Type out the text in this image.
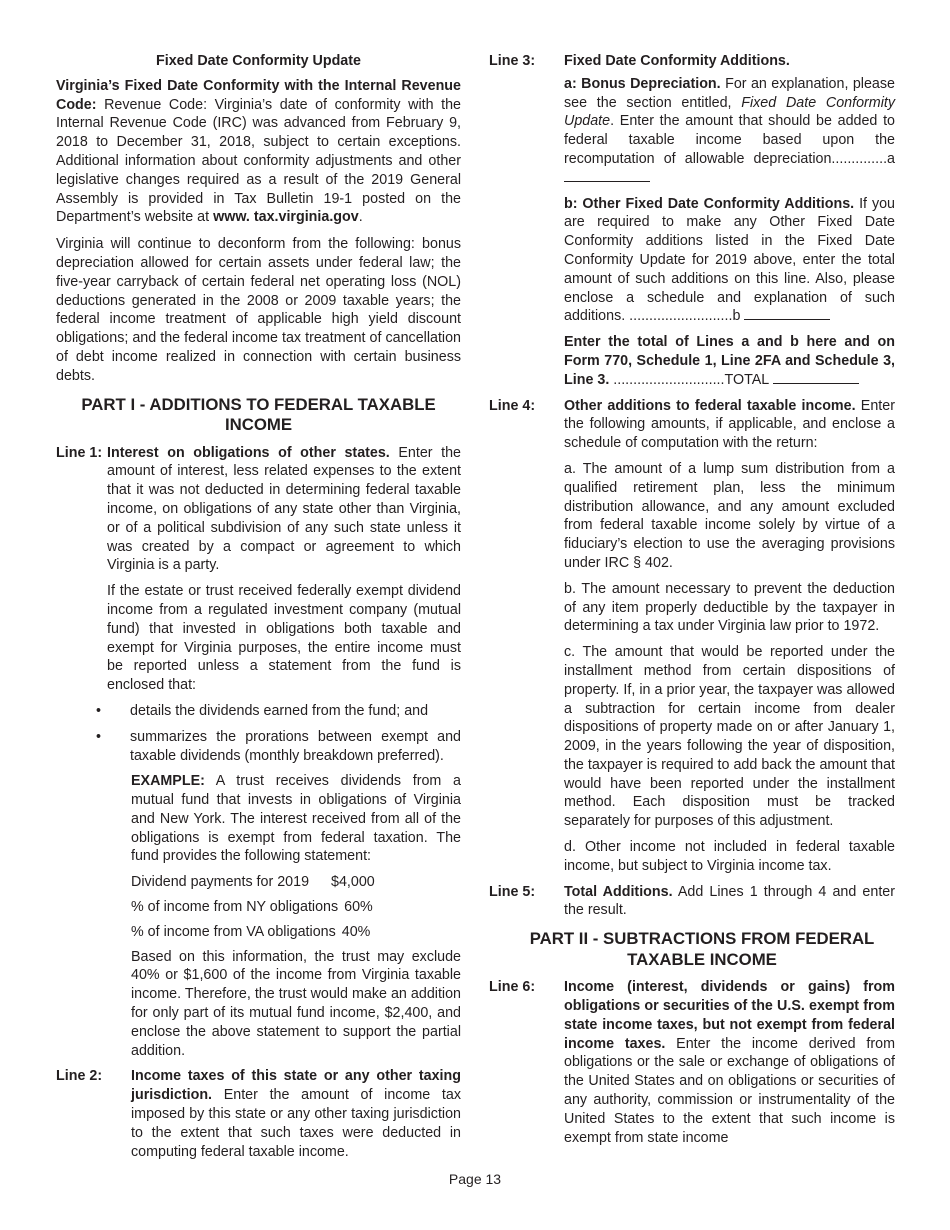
Fixed Date Conformity Update

Virginia’s Fixed Date Conformity with the Internal Revenue Code: Revenue Code: Virginia’s date of conformity with the Internal Revenue Code (IRC) was advanced from February 9, 2018 to December 31, 2018, subject to certain exceptions. Additional information about conformity adjustments and other legislative changes required as a result of the 2019 General Assembly is provided in Tax Bulletin 19-1 posted on the Department’s website at www. tax.virginia.gov.

Virginia will continue to deconform from the following: bonus depreciation allowed for certain assets under federal law; the five-year carryback of certain federal net operating loss (NOL) deductions generated in the 2008 or 2009 taxable years; the federal income treatment of applicable high yield discount obligations; and the federal income tax treatment of cancellation of debt income realized in connection with certain business debts.

PART I - ADDITIONS TO FEDERAL TAXABLE INCOME

Line 1: Interest on obligations of other states. Enter the amount of interest, less related expenses to the extent that it was not deducted in determining federal taxable income, on obligations of any state other than Virginia, or of a political subdivision of any such state unless it was created by a compact or agreement to which Virginia is a party.

If the estate or trust received federally exempt dividend income from a regulated investment company (mutual fund) that invested in obligations both taxable and exempt for Virginia purposes, the entire income must be reported unless a statement from the fund is enclosed that:

•	details the dividends earned from the fund; and

•	summarizes the prorations between exempt and taxable dividends (monthly breakdown preferred).

EXAMPLE: A trust receives dividends from a mutual fund that invests in obligations of Virginia and New York. The interest received from all of the obligations is exempt from federal taxation. The fund provides the following statement:

Dividend payments for 2019 $4,000

% of income from NY obligations 60%

% of income from VA obligations 40%

Based on this information, the trust may exclude 40% or $1,600 of the income from Virginia taxable income. Therefore, the trust would make an addition for only part of its mutual fund income, $2,400, and enclose the above statement to support the partial addition.

Line 2:	Income taxes of this state or any other taxing jurisdiction. Enter the amount of income tax imposed by this state or any other taxing jurisdiction to the extent that such taxes were deducted in computing federal taxable income.

Line 3:	Fixed Date Conformity Additions.

a: Bonus Depreciation. For an explanation, please see the section entitled, Fixed Date Conformity Update. Enter the amount that should be added to federal taxable income based upon the recomputation of allowable depreciation..............a

b: Other Fixed Date Conformity Additions. If you are required to make any Other Fixed Date Conformity additions listed in the Fixed Date Conformity Update for 2019 above, enter the total amount of such additions on this line. Also, please enclose a schedule and explanation of such additions. ..........................b

Enter the total of Lines a and b here and on Form 770, Schedule 1, Line 2FA and Schedule 3, Line 3. ............................TOTAL

Line 4:	Other additions to federal taxable income. Enter the following amounts, if applicable, and enclose a schedule of computation with the return:

a. The amount of a lump sum distribution from a qualified retirement plan, less the minimum distribution allowance, and any amount excluded from federal taxable income solely by virtue of a fiduciary’s election to use the averaging provisions under IRC § 402.

b. The amount necessary to prevent the deduction of any item properly deductible by the taxpayer in determining a tax under Virginia law prior to 1972.

c. The amount that would be reported under the installment method from certain dispositions of property. If, in a prior year, the taxpayer was allowed a subtraction for certain income from dealer dispositions of property made on or after January 1, 2009, in the years following the year of disposition, the taxpayer is required to add back the amount that would have been reported under the installment method. Each disposition must be tracked separately for purposes of this adjustment.

d. Other income not included in federal taxable income, but subject to Virginia income tax.

Line 5:	Total Additions. Add Lines 1 through 4 and enter the result.

PART II - SUBTRACTIONS FROM FEDERAL TAXABLE INCOME

Line 6:	Income (interest, dividends or gains) from obligations or securities of the U.S. exempt from state income taxes, but not exempt from federal income taxes. Enter the income derived from obligations or the sale or exchange of obligations of the United States and on obligations or securities of any authority, commission or instrumentality of the United States to the extent that such income is exempt from state income

Page 13
